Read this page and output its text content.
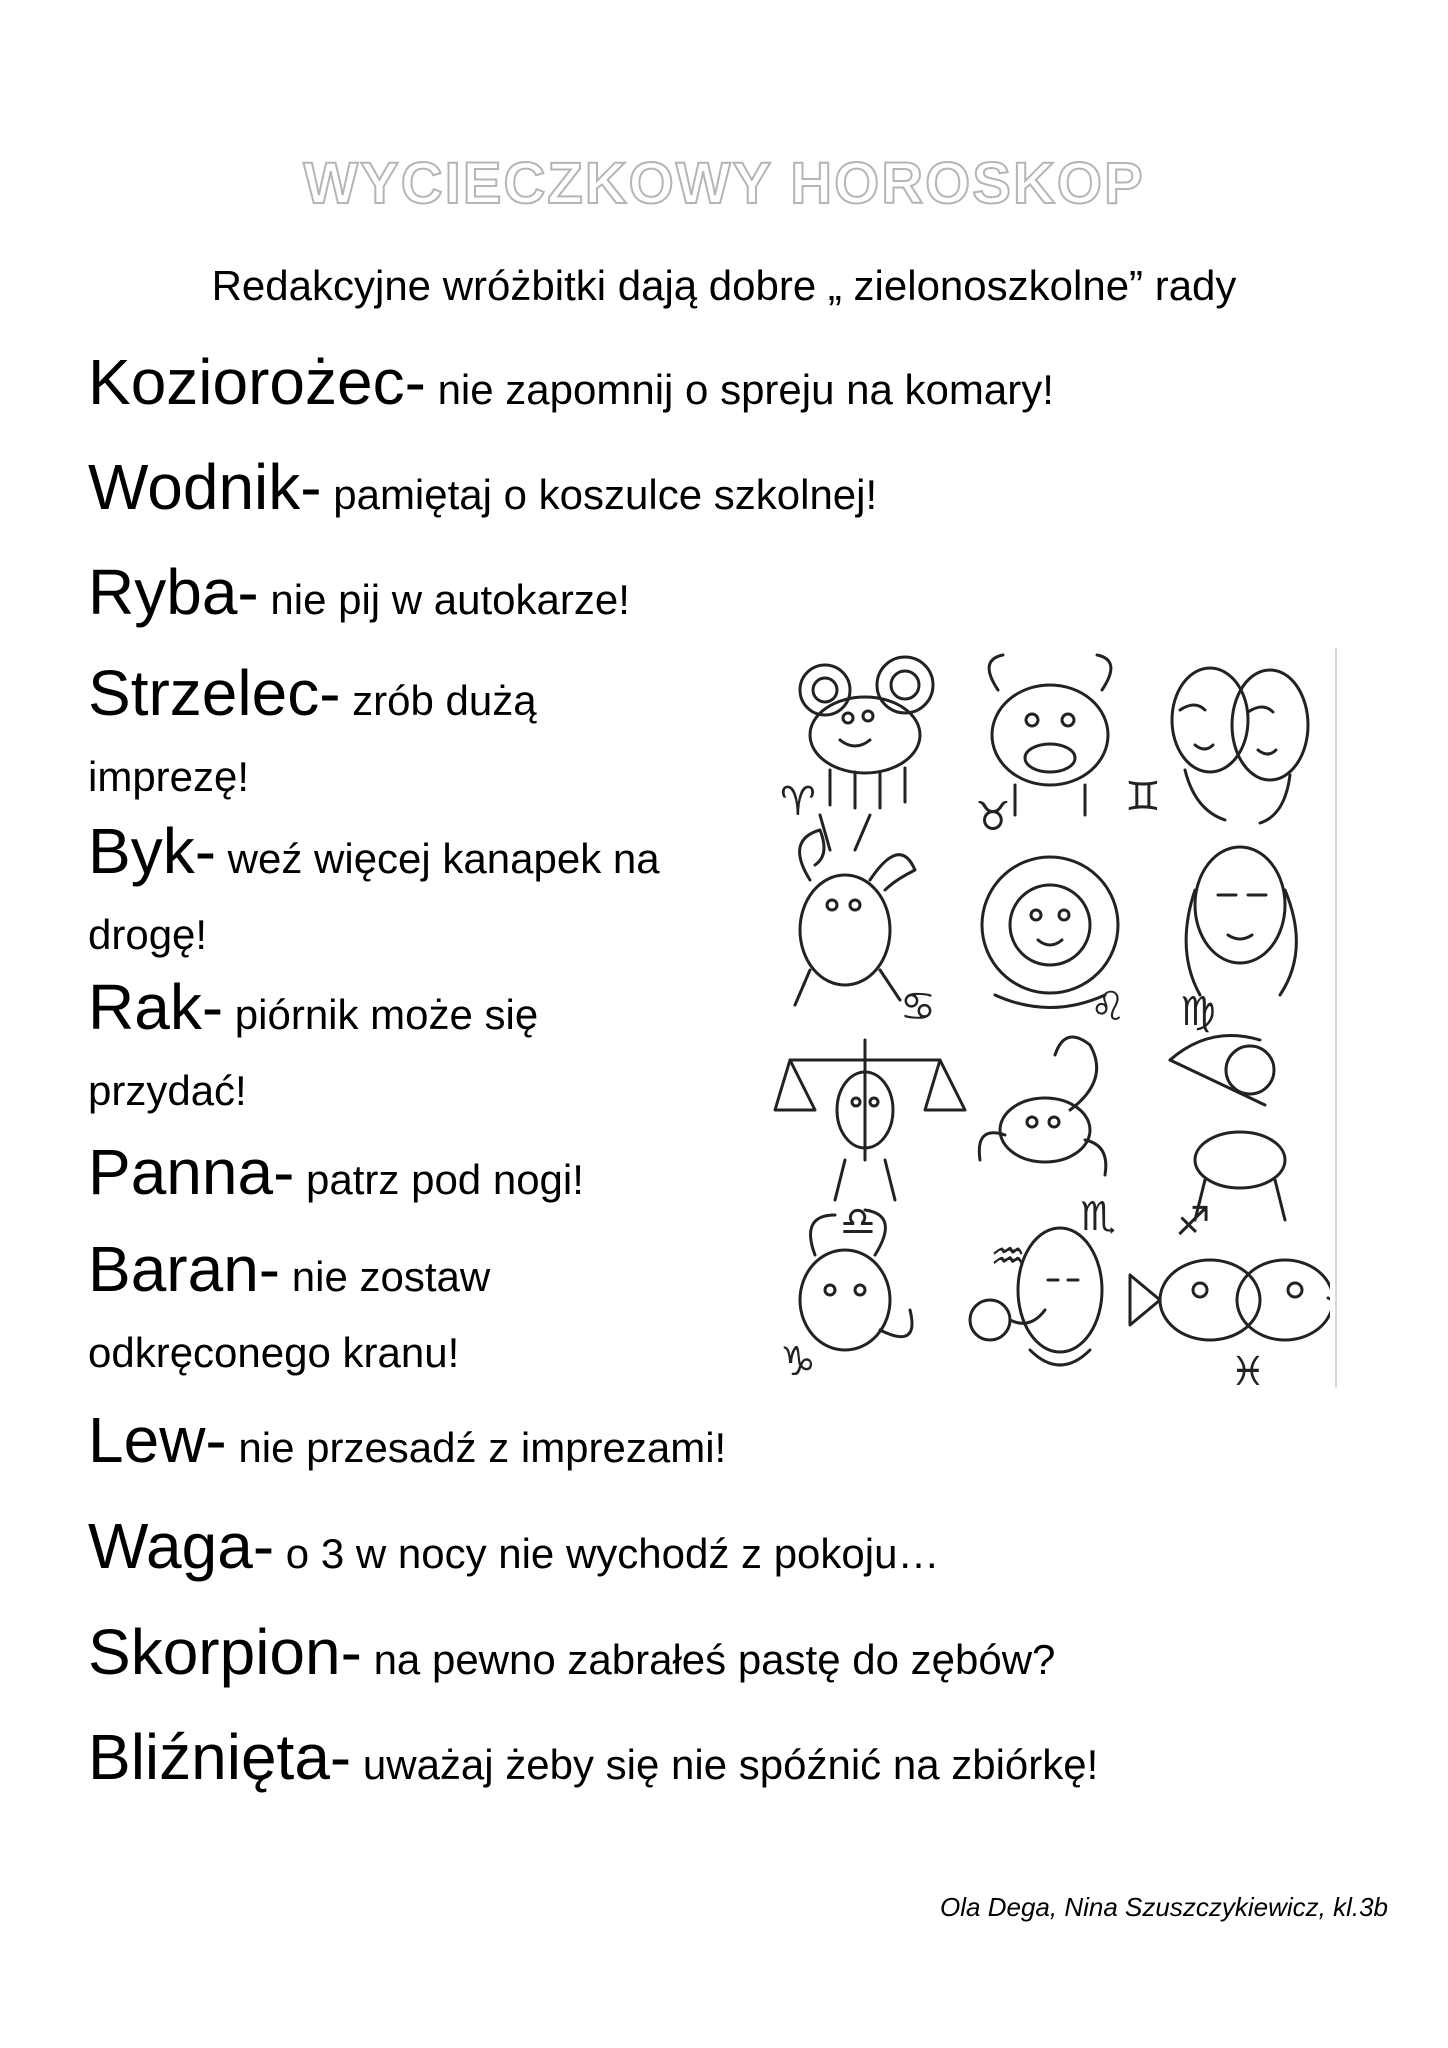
WYCIECZKOWY HOROSKOP
Redakcyjne wróżbitki dają dobre „ zielonoszkolne” rady
Koziorożec- nie zapomnij o spreju na komary!
Wodnik- pamiętaj o koszulce szkolnej!
Ryba- nie pij w autokarze!
Strzelec- zrób dużą
imprezę!
Byk- weź więcej kanapek na
drogę!
Rak- piórnik może się
przydać!
Panna- patrz pod nogi!
Baran- nie zostaw
odkręconego kranu!
Lew- nie przesadź z imprezami!
Waga- o 3 w nocy nie wychodź z pokoju…
Skorpion- na pewno zabrałeś pastę do zębów?
Bliźnięta- uważaj żeby się nie spóźnić na zbiórkę!
Ola Dega, Nina Szuszczykiewicz, kl.3b
♈	♉	♊
♋	♌ ♍
♎	♏ ♐
♑
♒
♓
